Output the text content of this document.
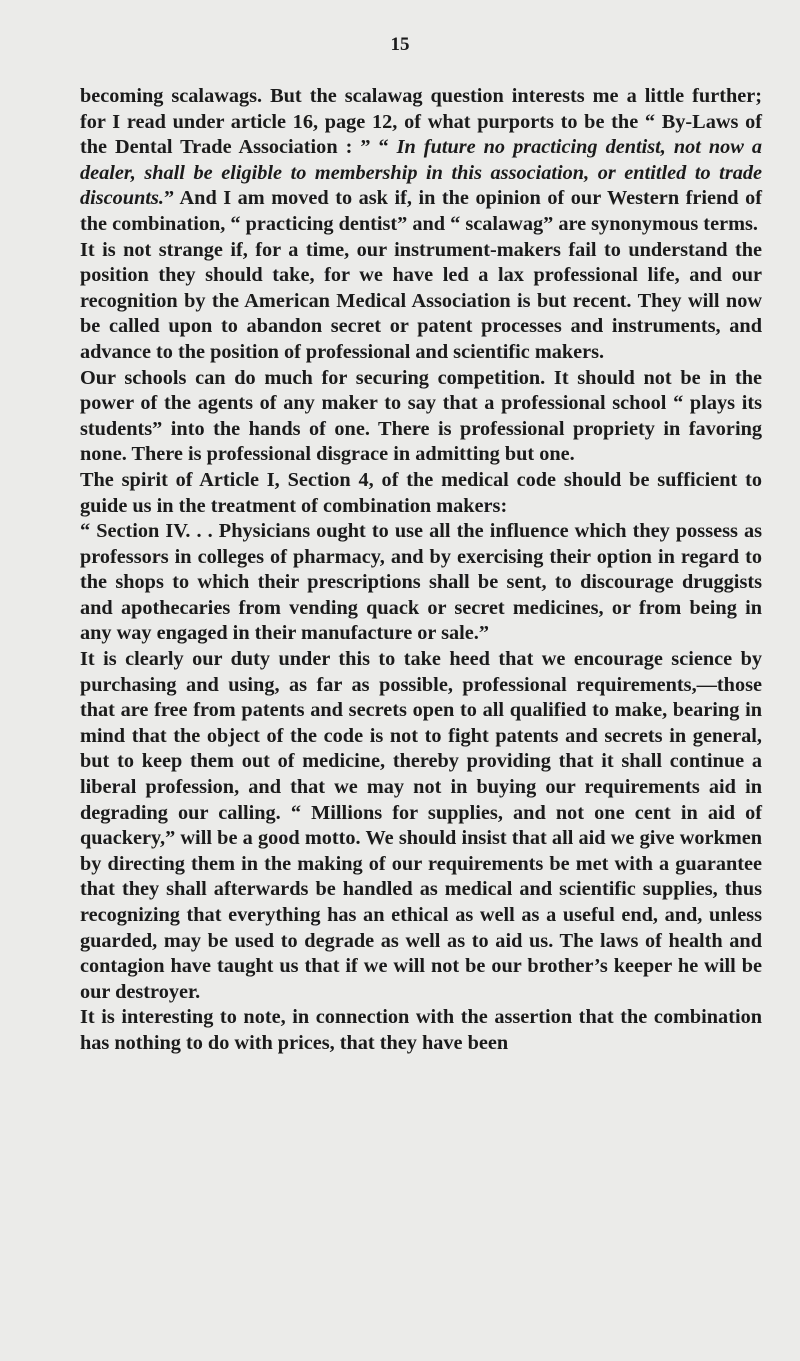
15

becoming scalawags. But the scalawag question interests me a little further; for I read under article 16, page 12, of what purports to be the “ By-Laws of the Dental Trade Association : ” “ In future no practicing dentist, not now a dealer, shall be eligible to membership in this association, or entitled to trade discounts.” And I am moved to ask if, in the opinion of our Western friend of the combination, “ practicing dentist” and “ scalawag” are synonymous terms.

It is not strange if, for a time, our instrument-makers fail to understand the position they should take, for we have led a lax professional life, and our recognition by the American Medical Association is but recent. They will now be called upon to abandon secret or patent processes and instruments, and advance to the position of professional and scientific makers.

Our schools can do much for securing competition. It should not be in the power of the agents of any maker to say that a professional school “ plays its students” into the hands of one. There is professional propriety in favoring none. There is professional disgrace in admitting but one.

The spirit of Article I, Section 4, of the medical code should be sufficient to guide us in the treatment of combination makers:

“ Section IV. . . Physicians ought to use all the influence which they possess as professors in colleges of pharmacy, and by exercising their option in regard to the shops to which their prescriptions shall be sent, to discourage druggists and apothecaries from vending quack or secret medicines, or from being in any way engaged in their manufacture or sale.”

It is clearly our duty under this to take heed that we encourage science by purchasing and using, as far as possible, professional requirements,—those that are free from patents and secrets open to all qualified to make, bearing in mind that the object of the code is not to fight patents and secrets in general, but to keep them out of medicine, thereby providing that it shall continue a liberal profession, and that we may not in buying our requirements aid in degrading our calling. “ Millions for supplies, and not one cent in aid of quackery,” will be a good motto. We should insist that all aid we give workmen by directing them in the making of our requirements be met with a guarantee that they shall afterwards be handled as medical and scientific supplies, thus recognizing that everything has an ethical as well as a useful end, and, unless guarded, may be used to degrade as well as to aid us. The laws of health and contagion have taught us that if we will not be our brother’s keeper he will be our destroyer.

It is interesting to note, in connection with the assertion that the combination has nothing to do with prices, that they have been
